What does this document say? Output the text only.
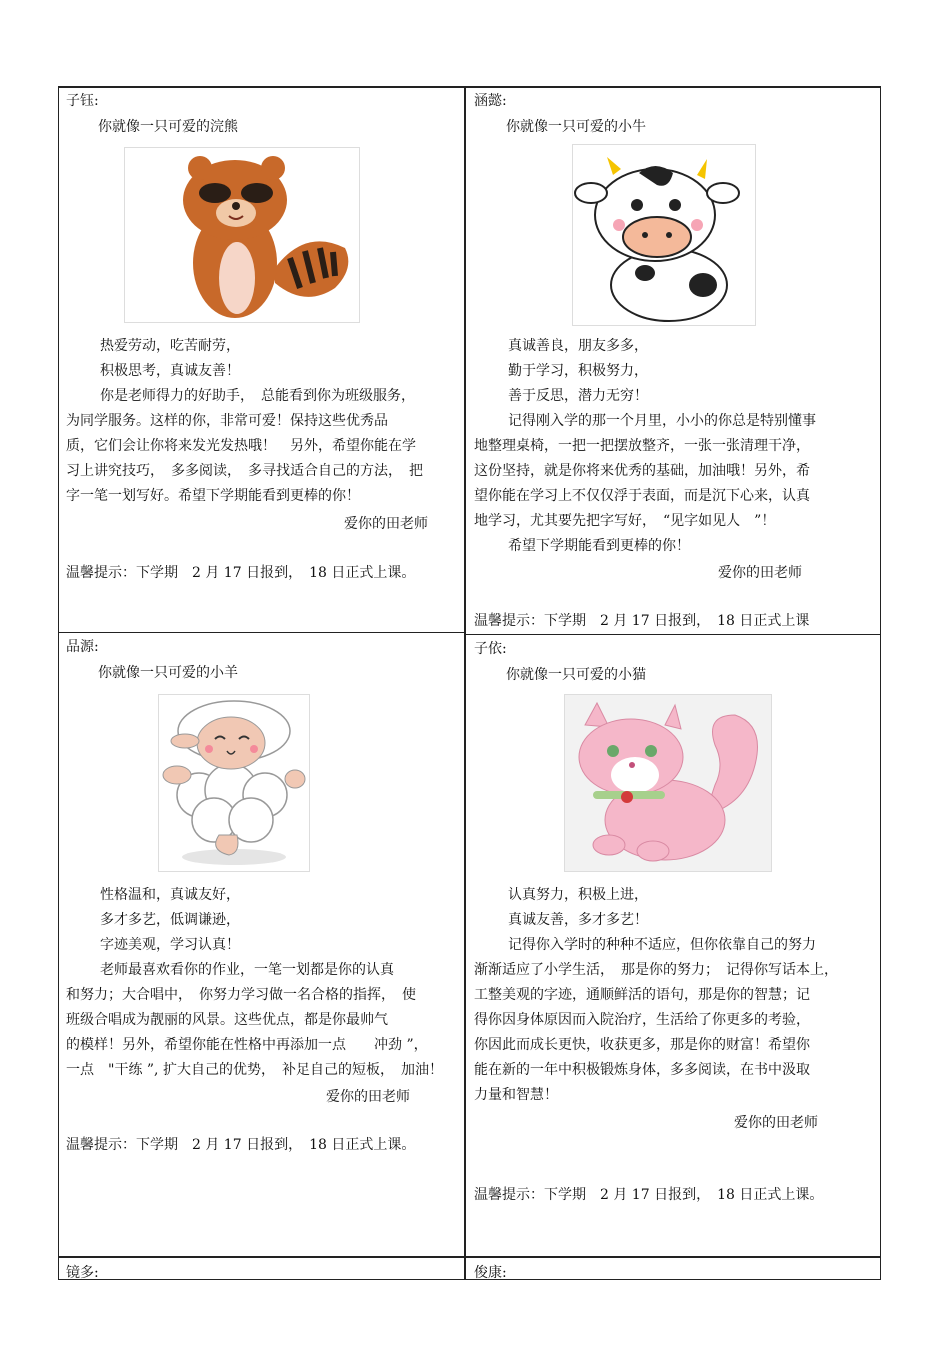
子钰:
你就像一只可爱的浣熊

热爱劳动，吃苦耐劳，

积极思考，真诚友善！

你是老师得力的好助手，　总能看到你为班级服务，

为同学服务。这样的你，非常可爱！保持这些优秀品

质，它们会让你将来发光发热哦！　另外，希望你能在学

习上讲究技巧，　多多阅读，　多寻找适合自己的方法，　把

字一笔一划写好。希望下学期能看到更棒的你！

爱你的田老师
温馨提示：下学期　2 月 17 日报到，　18 日正式上课。
涵懿:
你就像一只可爱的小牛

真诚善良，朋友多多，

勤于学习，积极努力，

善于反思，潜力无穷！

记得刚入学的那一个月里，小小的你总是特别懂事

地整理桌椅，一把一把摆放整齐，一张一张清理干净，

这份坚持，就是你将来优秀的基础，加油哦！另外，希

望你能在学习上不仅仅浮于表面，而是沉下心来，认真

地学习，尤其要先把字写好，　“见字如见人　”！

希望下学期能看到更棒的你！

爱你的田老师
温馨提示：下学期　2 月 17 日报到，　18 日正式上课
品源:
你就像一只可爱的小羊

性格温和，真诚友好，

多才多艺，低调谦逊，

字迹美观，学习认真！

老师最喜欢看你的作业，一笔一划都是你的认真

和努力；大合唱中，　你努力学习做一名合格的指挥，　使

班级合唱成为靓丽的风景。这些优点，都是你最帅气

的模样！另外，希望你能在性格中再添加一点　　冲劲 ”，

一点　"干练 ”, 扩大自己的优势，　补足自己的短板，　加油！

爱你的田老师
温馨提示：下学期　2 月 17 日报到，　18 日正式上课。
子依:
你就像一只可爱的小猫

认真努力，积极上进，

真诚友善，多才多艺！

记得你入学时的种种不适应，但你依靠自己的努力

渐渐适应了小学生活，　那是你的努力；　记得你写话本上，

工整美观的字迹，通顺鲜活的语句，那是你的智慧；记

得你因身体原因而入院治疗，生活给了你更多的考验，

你因此而成长更快，收获更多，那是你的财富！希望你

能在新的一年中积极锻炼身体，多多阅读，在书中汲取

力量和智慧！

爱你的田老师
温馨提示：下学期　2 月 17 日报到，　18 日正式上课。
镜多:	俊康:
